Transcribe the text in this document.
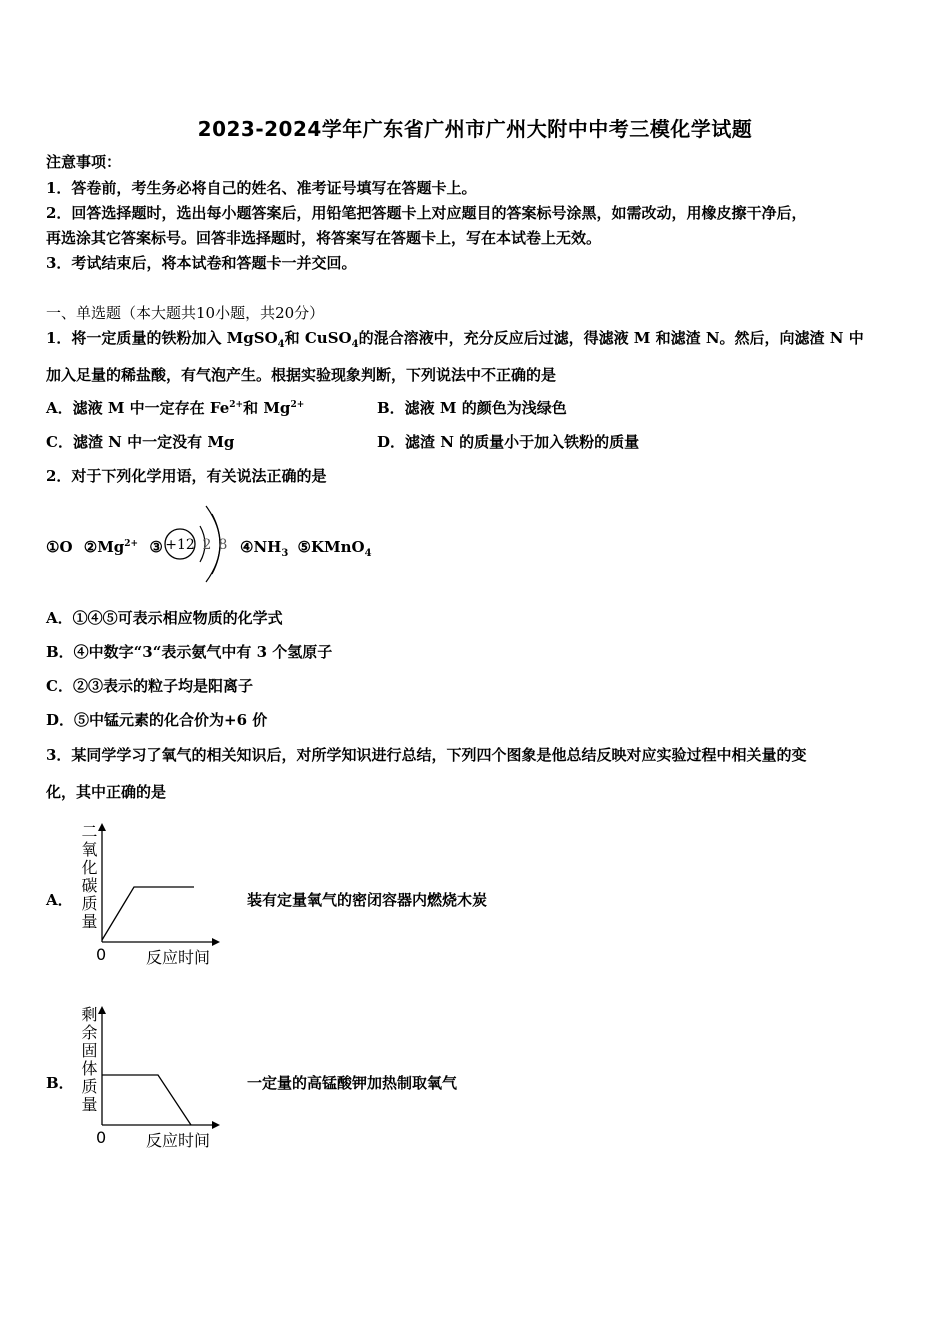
2023-2024学年广东省广州市广州大附中中考三模化学试题
注意事项：
1．答卷前，考生务必将自己的姓名、准考证号填写在答题卡上。
2．回答选择题时，选出每小题答案后，用铅笔把答题卡上对应题目的答案标号涂黑，如需改动，用橡皮擦干净后，
再选涂其它答案标号。回答非选择题时，将答案写在答题卡上，写在本试卷上无效。
3．考试结束后，将本试卷和答题卡一并交回。
一、单选题（本大题共10小题，共20分）
1．将一定质量的铁粉加入 MgSO$_4$和 CuSO$_4$的混合溶液中，充分反应后过滤，得滤液 M 和滤渣 N。然后，向滤渣 N 中
加入足量的稀盐酸，有气泡产生。根据实验现象判断，下列说法中不正确的是
A．滤液 M 中一定存在 $Fe^{2+}$和 $Mg^{2+}$	B．滤液 M 的颜色为浅绿色
C．滤渣 N 中一定没有 Mg	D．滤渣 N 的质量小于加入铁粉的质量
2．对于下列化学用语，有关说法正确的是
①O $②Mg^{2+}$ ③ +12 2 8 $④NH_3$ ⑤KMnO$_4$
A．①④⑤可表示相应物质的化学式
B．④中数字“3“表示氨气中有 3 个氢原子
C．②③表示的粒子均是阳离子
D．⑤中锰元素的化合价为+6 价
3．某同学学习了氧气的相关知识后，对所学知识进行总结，下列四个图象是他总结反映对应实验过程中相关量的变
化，其中正确的是
A． 二氧化碳质量
0 反应时间
装有定量氧气的密闭容器内燃烧木炭
B． 剩余固体质量
0 反应时间
一定量的高锰酸钾加热制取氧气
